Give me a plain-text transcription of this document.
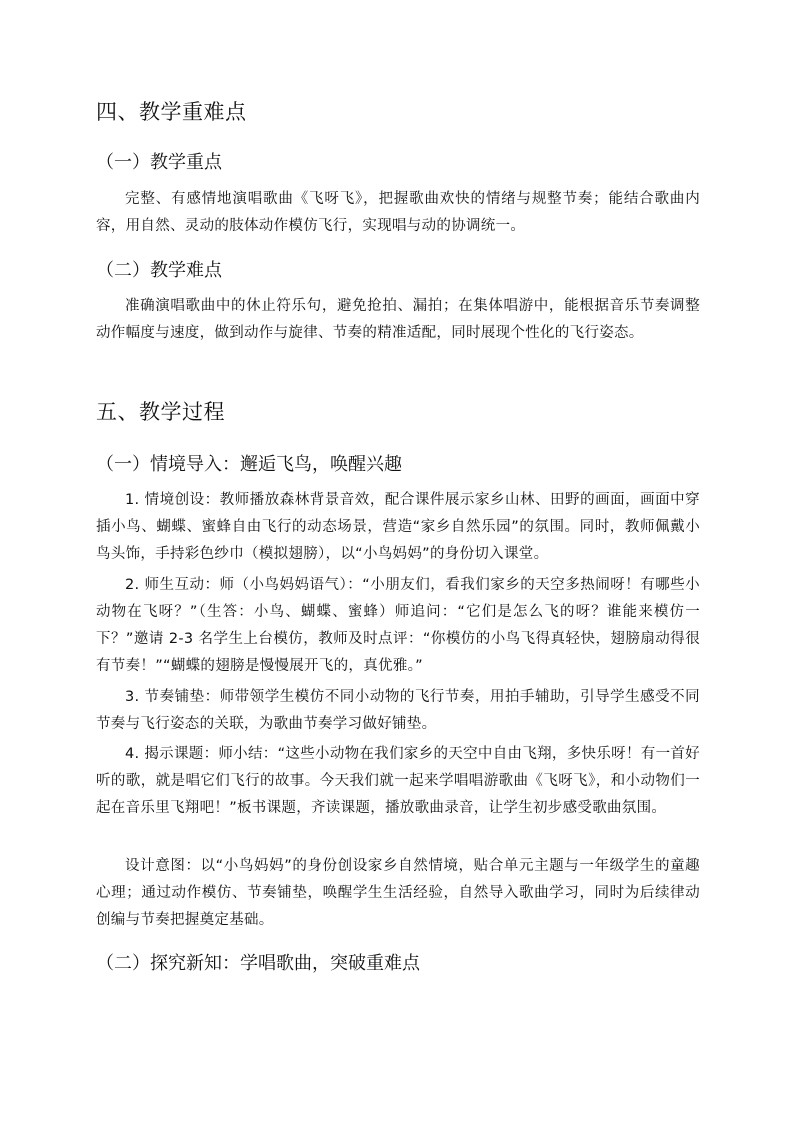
四、教学重难点
（一）教学重点

完整、有感情地演唱歌曲《飞呀飞》，把握歌曲欢快的情绪与规整节奏；能结合歌曲内容，用自然、灵动的肢体动作模仿飞行，实现唱与动的协调统一。

（二）教学难点

准确演唱歌曲中的休止符乐句，避免抢拍、漏拍；在集体唱游中，能根据音乐节奏调整动作幅度与速度，做到动作与旋律、节奏的精准适配，同时展现个性化的飞行姿态。

五、教学过程
（一）情境导入：邂逅飞鸟，唤醒兴趣

1. 情境创设：教师播放森林背景音效，配合课件展示家乡山林、田野的画面，画面中穿插小鸟、蝴蝶、蜜蜂自由飞行的动态场景，营造“家乡自然乐园”的氛围。同时，教师佩戴小鸟头饰，手持彩色纱巾（模拟翅膀），以“小鸟妈妈”的身份切入课堂。

2. 师生互动：师（小鸟妈妈语气）：“小朋友们，看我们家乡的天空多热闹呀！有哪些小动物在飞呀？”（生答：小鸟、蝴蝶、蜜蜂）师追问：“它们是怎么飞的呀？谁能来模仿一下？”邀请 2-3 名学生上台模仿，教师及时点评：“你模仿的小鸟飞得真轻快，翅膀扇动得很有节奏！”“蝴蝶的翅膀是慢慢展开飞的，真优雅。”

3. 节奏铺垫：师带领学生模仿不同小动物的飞行节奏，用拍手辅助，引导学生感受不同节奏与飞行姿态的关联，为歌曲节奏学习做好铺垫。

4. 揭示课题：师小结：“这些小动物在我们家乡的天空中自由飞翔，多快乐呀！有一首好听的歌，就是唱它们飞行的故事。今天我们就一起来学唱唱游歌曲《飞呀飞》，和小动物们一起在音乐里飞翔吧！”板书课题，齐读课题，播放歌曲录音，让学生初步感受歌曲氛围。

设计意图：以“小鸟妈妈”的身份创设家乡自然情境，贴合单元主题与一年级学生的童趣心理；通过动作模仿、节奏铺垫，唤醒学生生活经验，自然导入歌曲学习，同时为后续律动创编与节奏把握奠定基础。

（二）探究新知：学唱歌曲，突破重难点
